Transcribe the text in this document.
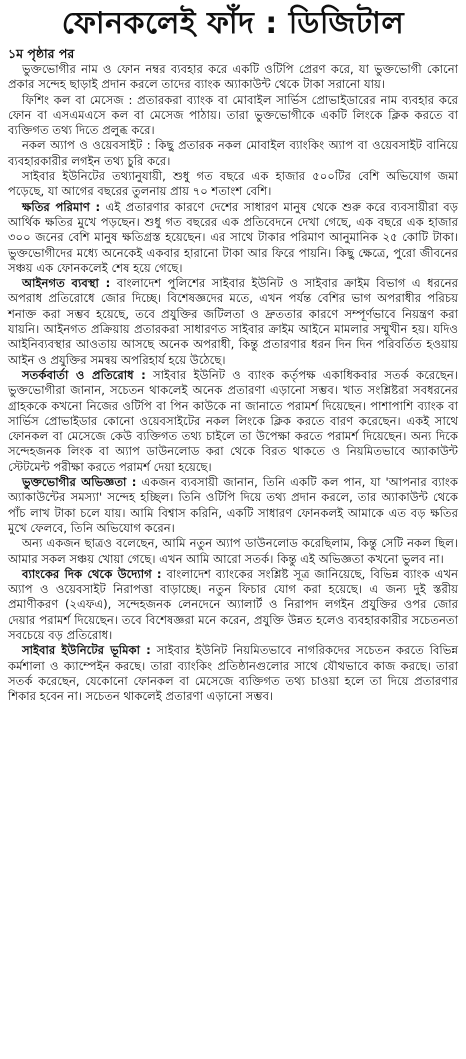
ফোনকলেই ফাঁদ : ডিজিটাল
১ম পৃষ্ঠার পর

ভুক্তভোগীর নাম ও ফোন নম্বর ব্যবহার করে একটি ওটিপি প্রেরণ করে, যা ভুক্তভোগী কোনো প্রকার সন্দেহ ছাড়াই প্রদান করলে তাদের ব্যাংক অ্যাকাউন্ট থেকে টাকা সরানো যায়।

ফিশিং কল বা মেসেজ : প্রতারকরা ব্যাংক বা মোবাইল সার্ভিস প্রোভাইডারের নাম ব্যবহার করে ফোন বা এসএমএসে কল বা মেসেজ পাঠায়। তারা ভুক্তভোগীকে একটি লিংকে ক্লিক করতে বা ব্যক্তিগত তথ্য দিতে প্রলুব্ধ করে।

নকল অ্যাপ ও ওয়েবসাইট : কিছু প্রতারক নকল মোবাইল ব্যাংকিং অ্যাপ বা ওয়েবসাইট বানিয়ে ব্যবহারকারীর লগইন তথ্য চুরি করে।

সাইবার ইউনিটের তথ্যানুযায়ী, শুধু গত বছরে এক হাজার ৫০০টির বেশি অভিযোগ জমা পড়েছে, যা আগের বছরের তুলনায় প্রায় ৭০ শতাংশ বেশি।

ক্ষতির পরিমাণ : এই প্রতারণার কারণে দেশের সাধারণ মানুষ থেকে শুরু করে ব্যবসায়ীরা বড় আর্থিক ক্ষতির মুখে পড়ছেন। শুধু গত বছরের এক প্রতিবেদনে দেখা গেছে, এক বছরে এক হাজার ৩০০ জনের বেশি মানুষ ক্ষতিগ্রস্ত হয়েছেন। এর সাথে টাকার পরিমাণ আনুমানিক ২৫ কোটি টাকা। ভুক্তভোগীদের মধ্যে অনেকেই একবার হারানো টাকা আর ফিরে পায়নি। কিছু ক্ষেত্রে, পুরো জীবনের সঞ্চয় এক ফোনকলেই শেষ হয়ে গেছে।

আইনগত ব্যবস্থা : বাংলাদেশ পুলিশের সাইবার ইউনিট ও সাইবার ক্রাইম বিভাগ এ ধরনের অপরাধ প্রতিরোধে জোর দিচ্ছে। বিশেষজ্ঞদের মতে, এখন পর্যন্ত বেশির ভাগ অপরাধীর পরিচয় শনাক্ত করা সম্ভব হয়েছে, তবে প্রযুক্তির জটিলতা ও দ্রুততার কারণে সম্পূর্ণভাবে নিয়ন্ত্রণ করা যায়নি। আইনগত প্রক্রিয়ায় প্রতারকরা সাধারণত সাইবার ক্রাইম আইনে মামলার সম্মুখীন হয়। যদিও আইনিব্যবস্থার আওতায় আসছে অনেক অপরাধী, কিন্তু প্রতারণার ধরন দিন দিন পরিবর্তিত হওয়ায় আইন ও প্রযুক্তির সমন্বয় অপরিহার্য হয়ে উঠেছে।

সতর্কবার্তা ও প্রতিরোধ : সাইবার ইউনিট ও ব্যাংক কর্তৃপক্ষ একাধিকবার সতর্ক করেছেন। ভুক্তভোগীরা জানান, সচেতন থাকলেই অনেক প্রতারণা এড়ানো সম্ভব। খাত সংশ্লিষ্টরা সবধরনের গ্রাহককে কখনো নিজের ওটিপি বা পিন কাউকে না জানাতে পরামর্শ দিয়েছেন। পাশাপাশি ব্যাংক বা সার্ভিস প্রোভাইডার কোনো ওয়েবসাইটের নকল লিংকে ক্লিক করতে বারণ করেছেন। একই সাথে ফোনকল বা মেসেজে কেউ ব্যক্তিগত তথ্য চাইলে তা উপেক্ষা করতে পরামর্শ দিয়েছেন। অন্য দিকে সন্দেহজনক লিংক বা অ্যাপ ডাউনলোড করা থেকে বিরত থাকতে ও নিয়মিতভাবে অ্যাকাউন্ট স্টেটমেন্ট পরীক্ষা করতে পরামর্শ দেয়া হয়েছে।

ভুক্তভোগীর অভিজ্ঞতা : একজন ব্যবসায়ী জানান, তিনি একটি কল পান, যা 'আপনার ব্যাংক অ্যাকাউন্টের সমস্যা' সন্দেহ হচ্ছিল। তিনি ওটিপি দিয়ে তথ্য প্রদান করলে, তার অ্যাকাউন্ট থেকে পাঁচ লাখ টাকা চলে যায়। আমি বিশ্বাস করিনি, একটি সাধারণ ফোনকলই আমাকে এত বড় ক্ষতির মুখে ফেলবে, তিনি অভিযোগ করেন।

অন্য একজন ছাত্রও বলেছেন, আমি নতুন অ্যাপ ডাউনলোড করেছিলাম, কিন্তু সেটি নকল ছিল। আমার সকল সঞ্চয় খোয়া গেছে। এখন আমি আরো সতর্ক। কিন্তু এই অভিজ্ঞতা কখনো ভুলব না।

ব্যাংকের দিক থেকে উদ্যোগ : বাংলাদেশ ব্যাংকের সংশ্লিষ্ট সূত্র জানিয়েছে, বিভিন্ন ব্যাংক এখন অ্যাপ ও ওয়েবসাইট নিরাপত্তা বাড়াচ্ছে। নতুন ফিচার যোগ করা হয়েছে। এ জন্য দুই স্তরীয় প্রমাণীকরণ (২এফএ), সন্দেহজনক লেনদেনে অ্যালার্ট ও নিরাপদ লগইন প্রযুক্তির ওপর জোর দেয়ার পরামর্শ দিয়েছেন। তবে বিশেষজ্ঞরা মনে করেন, প্রযুক্তি উন্নত হলেও ব্যবহারকারীর সচেতনতা সবচেয়ে বড় প্রতিরোধ।

সাইবার ইউনিটের ভূমিকা : সাইবার ইউনিট নিয়মিতভাবে নাগরিকদের সচেতন করতে বিভিন্ন কর্মশালা ও ক্যাম্পেইন করছে। তারা ব্যাংকিং প্রতিষ্ঠানগুলোর সাথে যৌথভাবে কাজ করছে। তারা সতর্ক করেছেন, যেকোনো ফোনকল বা মেসেজে ব্যক্তিগত তথ্য চাওয়া হলে তা দিয়ে প্রতারণার শিকার হবেন না। সচেতন থাকলেই প্রতারণা এড়ানো সম্ভব।
